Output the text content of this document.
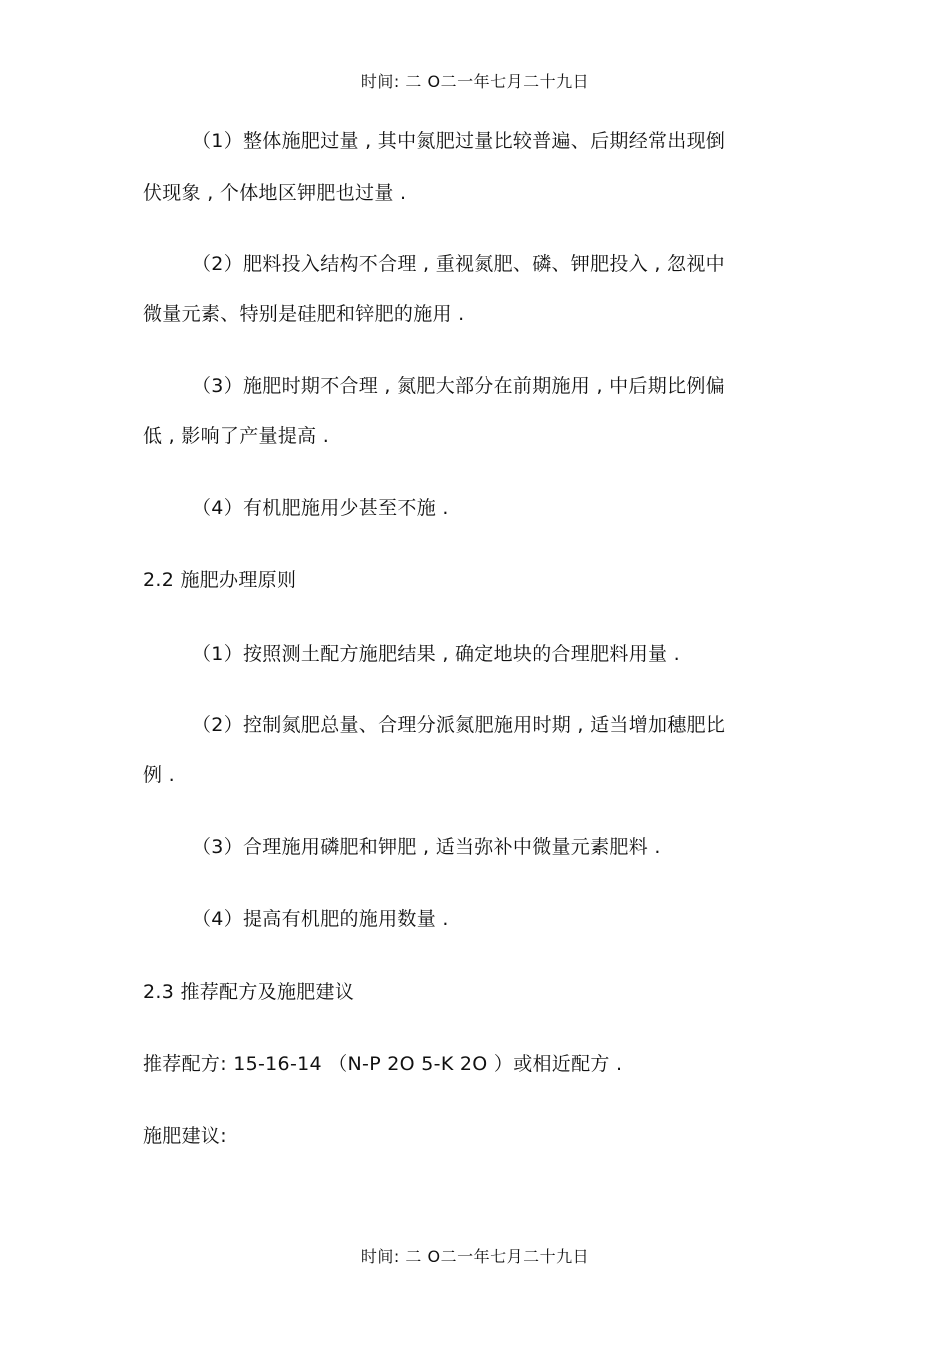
时间: 二 O二一年七月二十九日
（1）整体施肥过量 , 其中氮肥过量比较普遍、后期经常出现倒
伏现象 , 个体地区钾肥也过量 .
（2）肥料投入结构不合理 , 重视氮肥、磷、钾肥投入 , 忽视中
微量元素、特别是硅肥和锌肥的施用 .
（3）施肥时期不合理 , 氮肥大部分在前期施用 , 中后期比例偏
低 , 影响了产量提高 .
（4）有机肥施用少甚至不施 .
2.2 施肥办理原则
（1）按照测土配方施肥结果 , 确定地块的合理肥料用量 .
（2）控制氮肥总量、合理分派氮肥施用时期 , 适当增加穗肥比
例 .
（3）合理施用磷肥和钾肥 , 适当弥补中微量元素肥料 .
（4）提高有机肥的施用数量 .
2.3 推荐配方及施肥建议
推荐配方: 15-16-14 （N-P 2O 5-K 2O ）或相近配方 .
施肥建议:
时间: 二 O二一年七月二十九日
